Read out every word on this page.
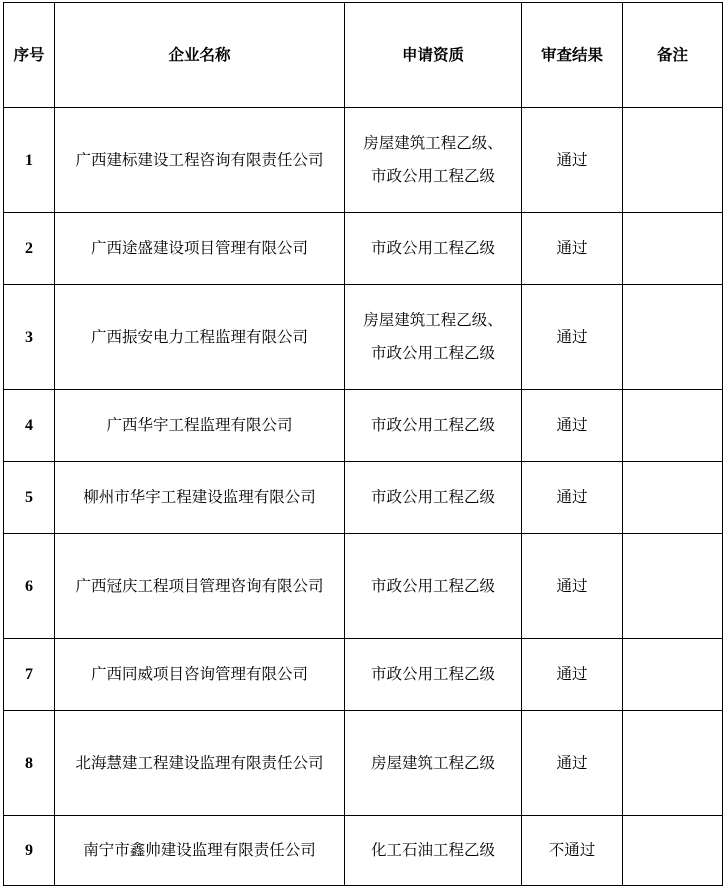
序号	企业名称	申请资质	审查结果	备注
1	广西建标建设工程咨询有限责任公司	房屋建筑工程乙级、市政公用工程乙级	通过	
2	广西途盛建设项目管理有限公司	市政公用工程乙级	通过	
3	广西振安电力工程监理有限公司	房屋建筑工程乙级、市政公用工程乙级	通过	
4	广西华宇工程监理有限公司	市政公用工程乙级	通过	
5	柳州市华宇工程建设监理有限公司	市政公用工程乙级	通过	
6	广西冠庆工程项目管理咨询有限公司	市政公用工程乙级	通过	
7	广西同威项目咨询管理有限公司	市政公用工程乙级	通过	
8	北海慧建工程建设监理有限责任公司	房屋建筑工程乙级	通过	
9	南宁市鑫帅建设监理有限责任公司	化工石油工程乙级	不通过	
